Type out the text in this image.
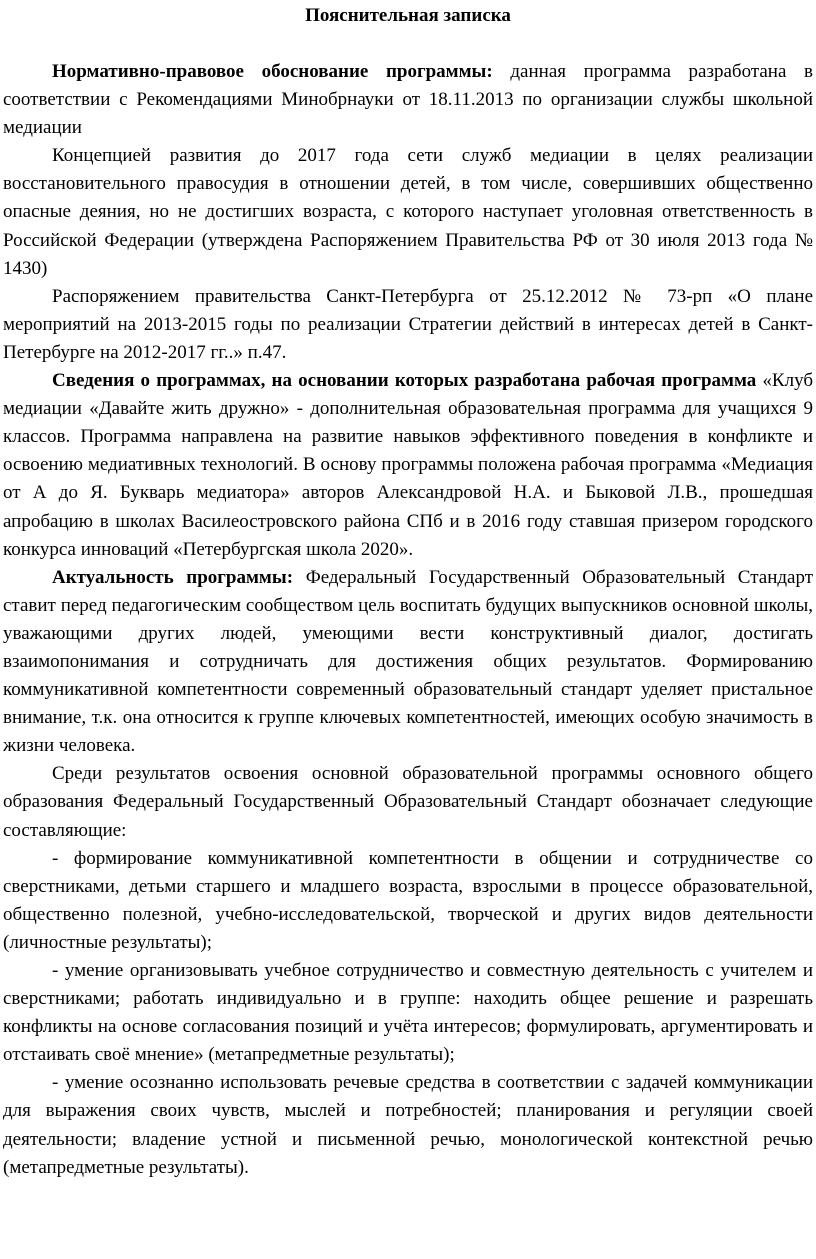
Пояснительная записка

Нормативно-правовое обоснование программы: данная программа разработана в соответствии с Рекомендациями Минобрнауки от 18.11.2013 по организации службы школьной медиации

Концепцией развития до 2017 года сети служб медиации в целях реализации восстановительного правосудия в отношении детей, в том числе, совершивших общественно опасные деяния, но не достигших возраста, с которого наступает уголовная ответственность в Российской Федерации (утверждена Распоряжением Правительства РФ от 30 июля 2013 года № 1430)

Распоряжением правительства Санкт-Петербурга от 25.12.2012 № 73-рп «О плане мероприятий на 2013-2015 годы по реализации Стратегии действий в интересах детей в Санкт-Петербурге на 2012-2017 гг..» п.47.

Сведения о программах, на основании которых разработана рабочая программа «Клуб медиации «Давайте жить дружно» - дополнительная образовательная программа для учащихся 9 классов. Программа направлена на развитие навыков эффективного поведения в конфликте и освоению медиативных технологий. В основу программы положена рабочая программа «Медиация от А до Я. Букварь медиатора» авторов Александровой Н.А. и Быковой Л.В., прошедшая апробацию в школах Василеостровского района СПб и в 2016 году ставшая призером городского конкурса инноваций «Петербургская школа 2020».

Актуальность программы: Федеральный Государственный Образовательный Стандарт ставит перед педагогическим сообществом цель воспитать будущих выпускников основной школы, уважающими других людей, умеющими вести конструктивный диалог, достигать взаимопонимания и сотрудничать для достижения общих результатов. Формированию коммуникативной компетентности современный образовательный стандарт уделяет пристальное внимание, т.к. она относится к группе ключевых компетентностей, имеющих особую значимость в жизни человека.

Среди результатов освоения основной образовательной программы основного общего образования Федеральный Государственный Образовательный Стандарт обозначает следующие составляющие:

- формирование коммуникативной компетентности в общении и сотрудничестве со сверстниками, детьми старшего и младшего возраста, взрослыми в процессе образовательной, общественно полезной, учебно-исследовательской, творческой и других видов деятельности (личностные результаты);

- умение организовывать учебное сотрудничество и совместную деятельность с учителем и сверстниками; работать индивидуально и в группе: находить общее решение и разрешать конфликты на основе согласования позиций и учёта интересов; формулировать, аргументировать и отстаивать своё мнение» (метапредметные результаты);

- умение осознанно использовать речевые средства в соответствии с задачей коммуникации для выражения своих чувств, мыслей и потребностей; планирования и регуляции своей деятельности; владение устной и письменной речью, монологической контекстной речью (метапредметные результаты).
